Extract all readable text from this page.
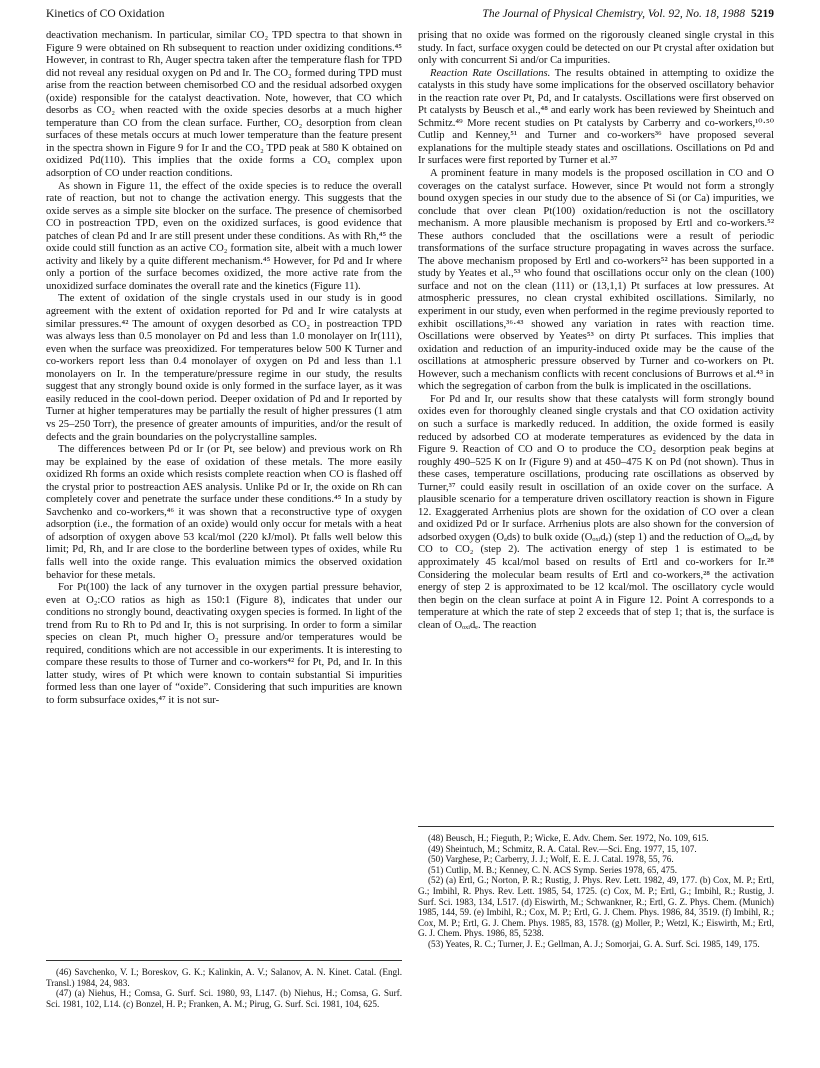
Kinetics of CO Oxidation	The Journal of Physical Chemistry, Vol. 92, No. 18, 1988 5219

deactivation mechanism. In particular, similar CO₂ TPD spectra to that shown in Figure 9 were obtained on Rh subsequent to reaction under oxidizing conditions.⁴⁵ However, in contrast to Rh, Auger spectra taken after the temperature flash for TPD did not reveal any residual oxygen on Pd and Ir. The CO₂ formed during TPD must arise from the reaction between chemisorbed CO and the residual adsorbed oxygen (oxide) responsible for the catalyst deactivation. Note, however, that CO which desorbs as CO₂ when reacted with the oxide species desorbs at a much higher temperature than CO from the clean surface. Further, CO₂ desorption from clean surfaces of these metals occurs at much lower temperature than the feature present in the spectra shown in Figure 9 for Ir and the CO₂ TPD peak at 580 K obtained on oxidized Pd(110). This implies that the oxide forms a COₓ complex upon adsorption of CO under reaction conditions.

As shown in Figure 11, the effect of the oxide species is to reduce the overall rate of reaction, but not to change the activation energy. This suggests that the oxide serves as a simple site blocker on the surface. The presence of chemisorbed CO in postreaction TPD, even on the oxidized surfaces, is good evidence that patches of clean Pd and Ir are still present under these conditions. As with Rh,⁴⁵ the oxide could still function as an active CO₂ formation site, albeit with a much lower activity and likely by a quite different mechanism.⁴⁵ However, for Pd and Ir where only a portion of the surface becomes oxidized, the more active rate from the unoxidized surface dominates the overall rate and the kinetics (Figure 11).

The extent of oxidation of the single crystals used in our study is in good agreement with the extent of oxidation reported for Pd and Ir wire catalysts at similar pressures.⁴² The amount of oxygen desorbed as CO₂ in postreaction TPD was always less than 0.5 monolayer on Pd and less than 1.0 monolayer on Ir(111), even when the surface was preoxidized. For temperatures below 500 K Turner and co-workers report less than 0.4 monolayer of oxygen on Pd and less than 1.1 monolayers on Ir. In the temperature/pressure regime in our study, the results suggest that any strongly bound oxide is only formed in the surface layer, as it was easily reduced in the cool-down period. Deeper oxidation of Pd and Ir reported by Turner at higher temperatures may be partially the result of higher pressures (1 atm vs 25–250 Torr), the presence of greater amounts of impurities, and/or the result of defects and the grain boundaries on the polycrystalline samples.

The differences between Pd or Ir (or Pt, see below) and previous work on Rh may be explained by the ease of oxidation of these metals. The more easily oxidized Rh forms an oxide which resists complete reaction when CO is flashed off the crystal prior to postreaction AES analysis. Unlike Pd or Ir, the oxide on Rh can completely cover and penetrate the surface under these conditions.⁴⁵ In a study by Savchenko and co-workers,⁴⁶ it was shown that a reconstructive type of oxygen adsorption (i.e., the formation of an oxide) would only occur for metals with a heat of adsorption of oxygen above 53 kcal/mol (220 kJ/mol). Pt falls well below this limit; Pd, Rh, and Ir are close to the borderline between types of oxides, while Ru falls well into the oxide range. This evaluation mimics the observed oxidation behavior for these metals.

For Pt(100) the lack of any turnover in the oxygen partial pressure behavior, even at O₂:CO ratios as high as 150:1 (Figure 8), indicates that under our conditions no strongly bound, deactivating oxygen species is formed. In light of the trend from Ru to Rh to Pd and Ir, this is not surprising. In order to form a similar species on clean Pt, much higher O₂ pressure and/or temperatures would be required, conditions which are not accessible in our experiments. It is interesting to compare these results to those of Turner and co-workers⁴² for Pt, Pd, and Ir. In this latter study, wires of Pt which were known to contain substantial Si impurities formed less than one layer of “oxide”. Considering that such impurities are known to form subsurface oxides,⁴⁷ it is not sur-

prising that no oxide was formed on the rigorously cleaned single crystal in this study. In fact, surface oxygen could be detected on our Pt crystal after oxidation but only with concurrent Si and/or Ca impurities.

Reaction Rate Oscillations. The results obtained in attempting to oxidize the catalysts in this study have some implications for the observed oscillatory behavior in the reaction rate over Pt, Pd, and Ir catalysts. Oscillations were first observed on Pt catalysts by Beusch et al.,⁴⁸ and early work has been reviewed by Sheintuch and Schmitz.⁴⁹ More recent studies on Pt catalysts by Carberry and co-workers,¹⁰·⁵⁰ Cutlip and Kenney,⁵¹ and Turner and co-workers³⁶ have proposed several explanations for the multiple steady states and oscillations. Oscillations on Pd and Ir surfaces were first reported by Turner et al.³⁷

A prominent feature in many models is the proposed oscillation in CO and O coverages on the catalyst surface. However, since Pt would not form a strongly bound oxygen species in our study due to the absence of Si (or Ca) impurities, we conclude that over clean Pt(100) oxidation/reduction is not the oscillatory mechanism. A more plausible mechanism is proposed by Ertl and co-workers.⁵² These authors concluded that the oscillations were a result of periodic transformations of the surface structure propagating in waves across the surface. The above mechanism proposed by Ertl and co-workers⁵² has been supported in a study by Yeates et al.,⁵³ who found that oscillations occur only on the clean (100) surface and not on the clean (111) or (13,1,1) Pt surfaces at low pressures. At atmospheric pressures, no clean crystal exhibited oscillations. Similarly, no experiment in our study, even when performed in the regime previously reported to exhibit oscillations,³⁶·⁴³ showed any variation in rates with reaction time. Oscillations were observed by Yeates⁵³ on dirty Pt surfaces. This implies that oxidation and reduction of an impurity-induced oxide may be the cause of the oscillations at atmospheric pressure observed by Turner and co-workers on Pt. However, such a mechanism conflicts with recent conclusions of Burrows et al.⁴³ in which the segregation of carbon from the bulk is implicated in the oscillations.

For Pd and Ir, our results show that these catalysts will form strongly bound oxides even for thoroughly cleaned single crystals and that CO oxidation activity on such a surface is markedly reduced. In addition, the oxide formed is easily reduced by adsorbed CO at moderate temperatures as evidenced by the data in Figure 9. Reaction of CO and O to produce the CO₂ desorption peak begins at roughly 490–525 K on Ir (Figure 9) and at 450–475 K on Pd (not shown). Thus in these cases, temperature oscillations, producing rate oscillations as observed by Turner,³⁷ could easily result in oscillation of an oxide cover on the surface. A plausible scenario for a temperature driven oscillatory reaction is shown in Figure 12. Exaggerated Arrhenius plots are shown for the oxidation of CO over a clean and oxidized Pd or Ir surface. Arrhenius plots are also shown for the conversion of adsorbed oxygen (Oₐds) to bulk oxide (Oₒₓᵢdₑ) (step 1) and the reduction of Oₒₓᵢdₑ by CO to CO₂ (step 2). The activation energy of step 1 is estimated to be approximately 45 kcal/mol based on results of Ertl and co-workers for Ir.²⁸ Considering the molecular beam results of Ertl and co-workers,²⁸ the activation energy of step 2 is approximated to be 12 kcal/mol. The oscillatory cycle would then begin on the clean surface at point A in Figure 12. Point A corresponds to a temperature at which the rate of step 2 exceeds that of step 1; that is, the surface is clean of Oₒₓᵢdₑ. The reaction

(46) Savchenko, V. I.; Boreskov, G. K.; Kalinkin, A. V.; Salanov, A. N. Kinet. Catal. (Engl. Transl.) 1984, 24, 983.

(47) (a) Niehus, H.; Comsa, G. Surf. Sci. 1980, 93, L147. (b) Niehus, H.; Comsa, G. Surf. Sci. 1981, 102, L14. (c) Bonzel, H. P.; Franken, A. M.; Pirug, G. Surf. Sci. 1981, 104, 625.

(48) Beusch, H.; Fieguth, P.; Wicke, E. Adv. Chem. Ser. 1972, No. 109, 615.

(49) Sheintuch, M.; Schmitz, R. A. Catal. Rev.—Sci. Eng. 1977, 15, 107.

(50) Varghese, P.; Carberry, J. J.; Wolf, E. E. J. Catal. 1978, 55, 76.

(51) Cutlip, M. B.; Kenney, C. N. ACS Symp. Series 1978, 65, 475.

(52) (a) Ertl, G.; Norton, P. R.; Rustig, J. Phys. Rev. Lett. 1982, 49, 177. (b) Cox, M. P.; Ertl, G.; Imbihl, R. Phys. Rev. Lett. 1985, 54, 1725. (c) Cox, M. P.; Ertl, G.; Imbihl, R.; Rustig, J. Surf. Sci. 1983, 134, L517. (d) Eiswirth, M.; Schwankner, R.; Ertl, G. Z. Phys. Chem. (Munich) 1985, 144, 59. (e) Imbihl, R.; Cox, M. P.; Ertl, G. J. Chem. Phys. 1986, 84, 3519. (f) Imbihl, R.; Cox, M. P.; Ertl, G. J. Chem. Phys. 1985, 83, 1578. (g) Moller, P.; Wetzl, K.; Eiswirth, M.; Ertl, G. J. Chem. Phys. 1986, 85, 5238.

(53) Yeates, R. C.; Turner, J. E.; Gellman, A. J.; Somorjai, G. A. Surf. Sci. 1985, 149, 175.
